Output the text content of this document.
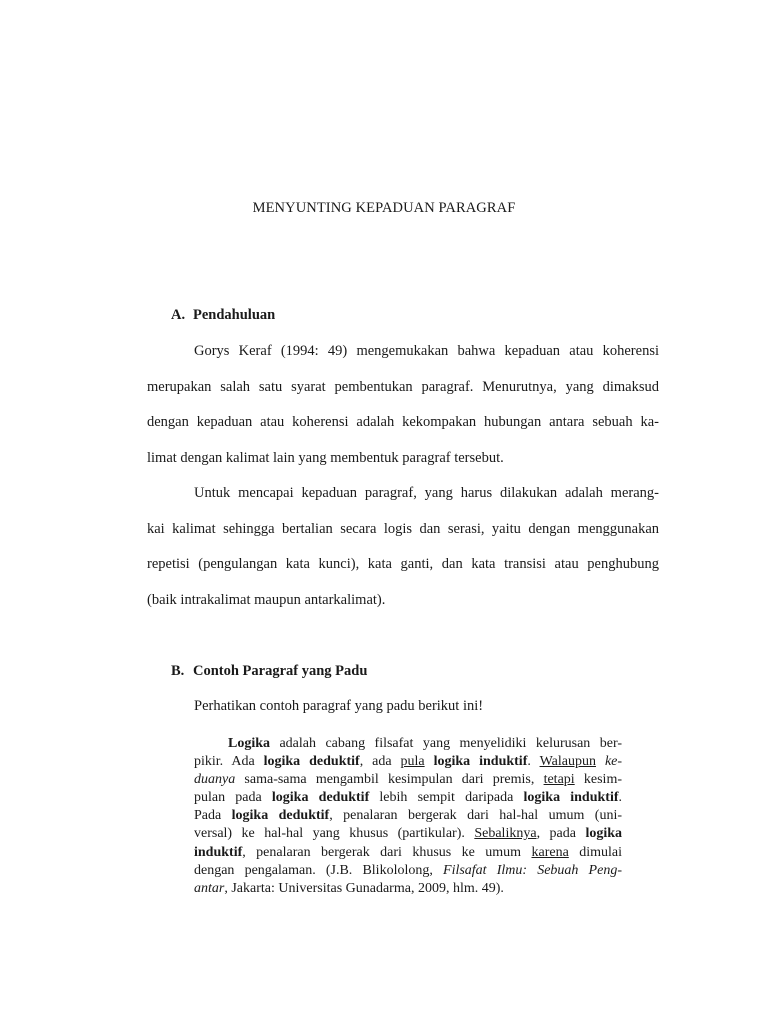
MENYUNTING KEPADUAN PARAGRAF
A. Pendahuluan
Gorys Keraf (1994: 49) mengemukakan bahwa kepaduan atau koherensi
merupakan salah satu syarat pembentukan paragraf. Menurutnya, yang dimaksud
dengan kepaduan atau koherensi adalah kekompakan hubungan antara sebuah ka-
limat dengan kalimat lain yang membentuk paragraf tersebut.
Untuk mencapai kepaduan paragraf, yang harus dilakukan adalah merang-
kai kalimat sehingga bertalian secara logis dan serasi, yaitu dengan menggunakan
repetisi (pengulangan kata kunci), kata ganti, dan kata transisi atau penghubung
(baik intrakalimat maupun antarkalimat).
B. Contoh Paragraf yang Padu
Perhatikan contoh paragraf yang padu berikut ini!
Logika adalah cabang filsafat yang menyelidiki kelurusan ber-
pikir. Ada logika deduktif, ada pula logika induktif. Walaupun ke-
duanya sama-sama mengambil kesimpulan dari premis, tetapi kesim-
pulan pada logika deduktif lebih sempit daripada logika induktif.
Pada logika deduktif, penalaran bergerak dari hal-hal umum (uni-
versal) ke hal-hal yang khusus (partikular). Sebaliknya, pada logika
induktif, penalaran bergerak dari khusus ke umum karena dimulai
dengan pengalaman. (J.B. Blikololong, Filsafat Ilmu: Sebuah Peng-
antar, Jakarta: Universitas Gunadarma, 2009, hlm. 49).
